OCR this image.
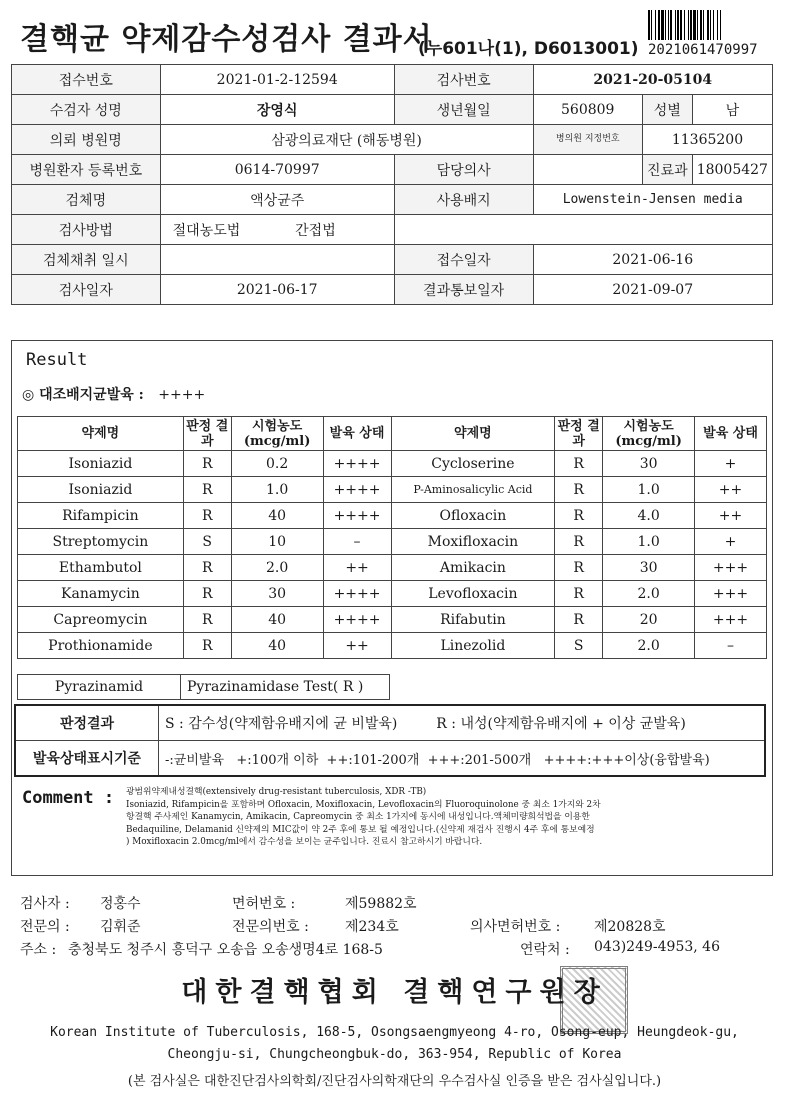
결핵균 약제감수성검사 결과서
(누601나(1), D6013001) 2021061470997
접수번호	2021-01-2-12594	검사번호	2021-20-05104		
수검자 성명	장영식	생년월일	560809	성별	남
의뢰 병원명	삼광의료재단 (해동병원)		병의원 지정번호	11365200	
병원환자 등록번호	0614-70997	담당의사		진료과	18005427
검체명	액상균주	사용배지	Lowenstein-Jensen media		
검사방법	절대농도법 간접법				
검체채취 일시		접수일자	2021-06-16		
검사일자	2021-06-17	결과통보일자	2021-09-07		
Result
◎ 대조배지균발육 : ++++
약제명	판정 결과	시험농도 (mcg/ml)	발육 상태	약제명	판정 결과	시험농도 (mcg/ml)	발육 상태
Isoniazid	R	0.2	++++	Cycloserine	R	30	+
Isoniazid	R	1.0	++++	P-Aminosalicylic Acid	R	1.0	++
Rifampicin	R	40	++++	Ofloxacin	R	4.0	++
Streptomycin	S	10	–	Moxifloxacin	R	1.0	+
Ethambutol	R	2.0	++	Amikacin	R	30	+++
Kanamycin	R	30	++++	Levofloxacin	R	2.0	+++
Capreomycin	R	40	++++	Rifabutin	R	20	+++
Prothionamide	R	40	++	Linezolid	S	2.0	–
Pyrazinamid	Pyrazinamidase Test( R )
판정결과	S : 감수성(약제함유배지에 균 비발육) R : 내성(약제함유배지에 + 이상 균발육)
발육상태표시기준	-:균비발육   +:100개 이하  ++:101-200개  +++:201-500개   ++++:+++이상(융합발육)
Comment : 광범위약제내성결핵(extensively drug-resistant tuberculosis, XDR -TB)
Isoniazid, Rifampicin을 포함하며 Ofloxacin, Moxifloxacin, Levofloxacin의 Fluoroquinolone 중 최소 1가지와 2차
항결핵 주사제인 Kanamycin, Amikacin, Capreomycin 중 최소 1가지에 동시에 내성입니다.액체미량희석법을 이용한
Bedaquiline, Delamanid 신약제의 MIC값이 약 2주 후에 통보 될 예정입니다.(신약제 재검사 진행시 4주 후에 통보예정
) Moxifloxacin 2.0mcg/ml에서 감수성을 보이는 균주입니다. 진료시 참고하시기 바랍니다.
검사자 : 정홍수	면허번호 :	제59882호
전문의 : 김휘준	전문의번호 :	제234호	의사면허번호 : 제20828호
주소 : 충청북도 청주시 흥덕구 오송읍 오송생명4로 168-5	연락처 : 043)249-4953, 46
대한결핵협회 결핵연구원장
Korean Institute of Tuberculosis, 168-5, Osongsaengmyeong 4-ro, Osong-eup, Heungdeok-gu,
Cheongju-si, Chungcheongbuk-do, 363-954, Republic of Korea
(본 검사실은 대한진단검사의학회/진단검사의학재단의 우수검사실 인증을 받은 검사실입니다.)
